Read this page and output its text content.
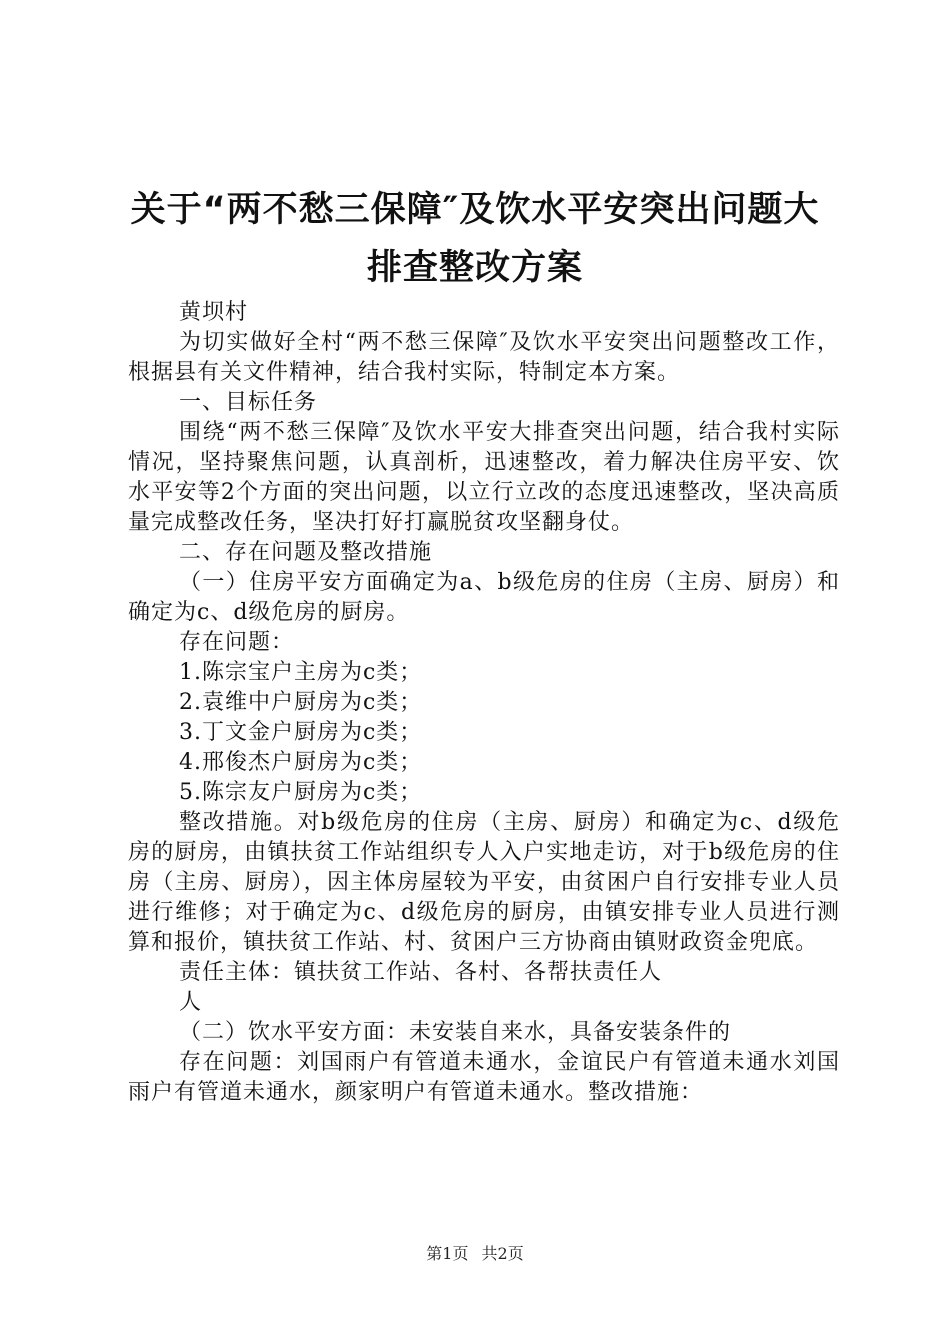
关于“两不愁三保障″及饮水平安突出问题大
排查整改方案

黄坝村

为切实做好全村“两不愁三保障″及饮水平安突出问题整改工作，根据县有关文件精神，结合我村实际，特制定本方案。

一、目标任务

围绕“两不愁三保障″及饮水平安大排查突出问题，结合我村实际情况，坚持聚焦问题，认真剖析，迅速整改，着力解决住房平安、饮水平安等2个方面的突出问题，以立行立改的态度迅速整改，坚决高质量完成整改任务，坚决打好打赢脱贫攻坚翻身仗。

二、存在问题及整改措施

（一）住房平安方面确定为a、b级危房的住房（主房、厨房）和确定为c、d级危房的厨房。

存在问题：

1.陈宗宝户主房为c类；

2.袁维中户厨房为c类；

3.丁文金户厨房为c类；

4.邢俊杰户厨房为c类；

5.陈宗友户厨房为c类；

整改措施。对b级危房的住房（主房、厨房）和确定为c、d级危房的厨房，由镇扶贫工作站组织专人入户实地走访，对于b级危房的住房（主房、厨房），因主体房屋较为平安，由贫困户自行安排专业人员进行维修；对于确定为c、d级危房的厨房，由镇安排专业人员进行测算和报价，镇扶贫工作站、村、贫困户三方协商由镇财政资金兜底。

责任主体：镇扶贫工作站、各村、各帮扶责任人

人

（二）饮水平安方面：未安装自来水，具备安装条件的

存在问题：刘国雨户有管道未通水，金谊民户有管道未通水刘国雨户有管道未通水，颜家明户有管道未通水。整改措施：

第1页 共2页
